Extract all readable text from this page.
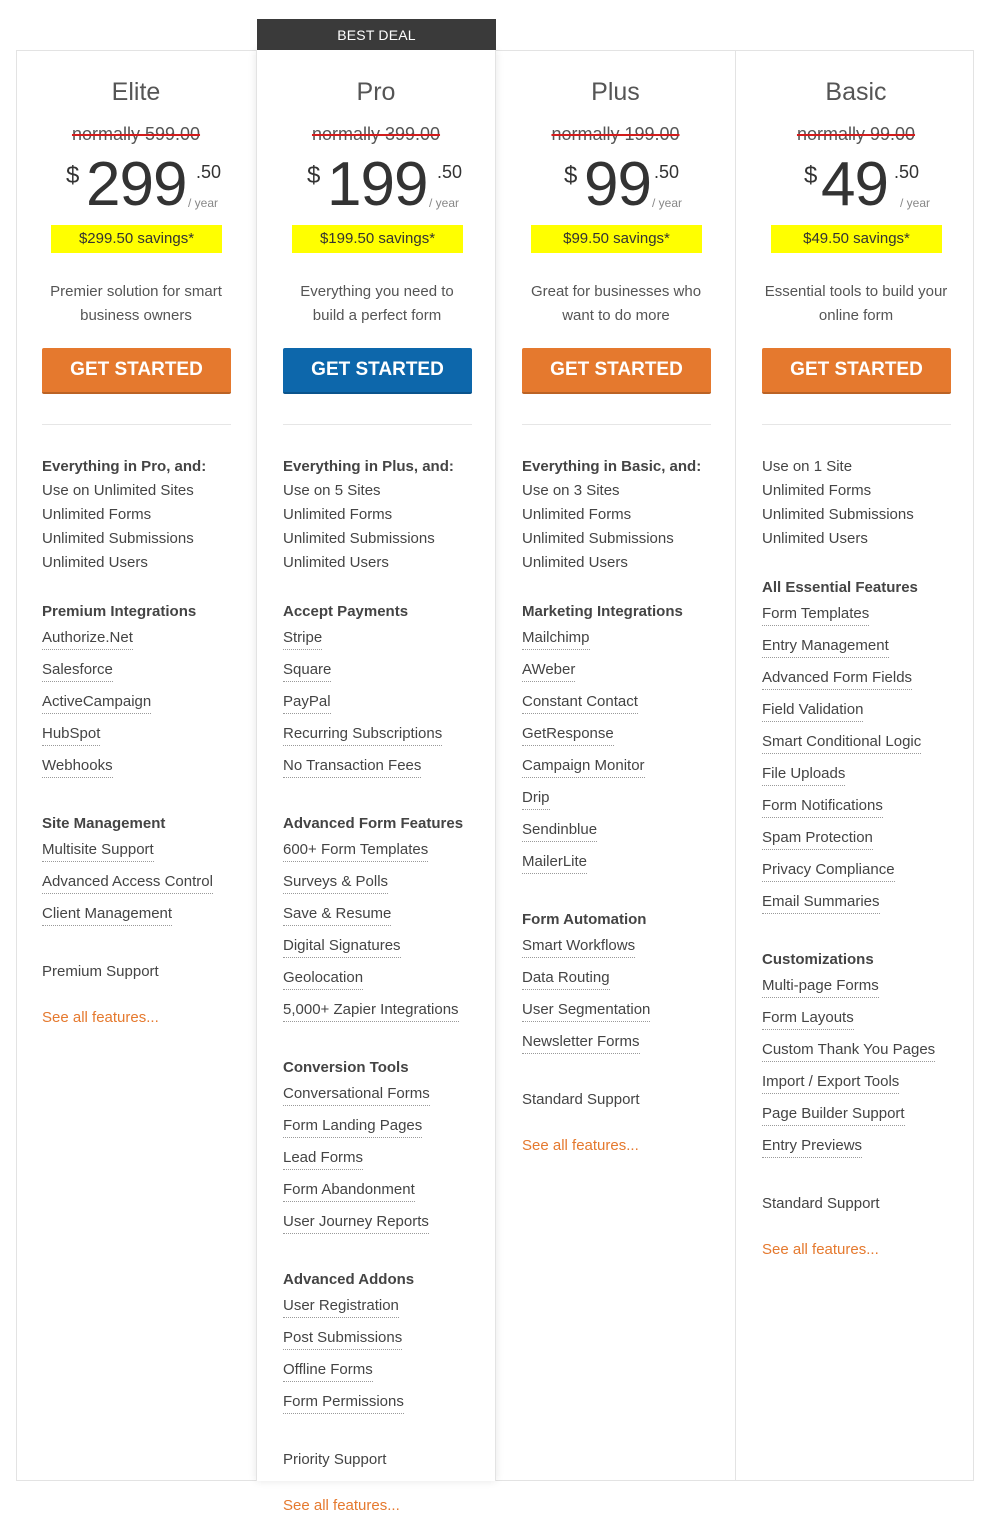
BEST DEAL
Elite
normally 599.00
$ 299 .50
/ year
$299.50 savings*
Premier solution for smart
business owners
GET STARTED
Everything in Pro, and:
Use on Unlimited Sites
Unlimited Forms
Unlimited Submissions
Unlimited Users
Premium Integrations
Authorize.Net
Salesforce
ActiveCampaign
HubSpot
Webhooks
Site Management
Multisite Support
Advanced Access Control
Client Management
Premium Support
See all features...
Pro
normally 399.00
$ 199 .50
/ year
$199.50 savings*
Everything you need to
build a perfect form
GET STARTED
Everything in Plus, and:
Use on 5 Sites
Unlimited Forms
Unlimited Submissions
Unlimited Users
Accept Payments
Stripe
Square
PayPal
Recurring Subscriptions
No Transaction Fees
Advanced Form Features
600+ Form Templates
Surveys & Polls
Save & Resume
Digital Signatures
Geolocation
5,000+ Zapier Integrations
Conversion Tools
Conversational Forms
Form Landing Pages
Lead Forms
Form Abandonment
User Journey Reports
Advanced Addons
User Registration
Post Submissions
Offline Forms
Form Permissions
Priority Support
See all features...
Plus
normally 199.00
$ 99 .50
/ year
$99.50 savings*
Great for businesses who
want to do more
GET STARTED
Everything in Basic, and:
Use on 3 Sites
Unlimited Forms
Unlimited Submissions
Unlimited Users
Marketing Integrations
Mailchimp
AWeber
Constant Contact
GetResponse
Campaign Monitor
Drip
Sendinblue
MailerLite
Form Automation
Smart Workflows
Data Routing
User Segmentation
Newsletter Forms
Standard Support
See all features...
Basic
normally 99.00
$ 49 .50
/ year
$49.50 savings*
Essential tools to build your
online form
GET STARTED
Use on 1 Site
Unlimited Forms
Unlimited Submissions
Unlimited Users
All Essential Features
Form Templates
Entry Management
Advanced Form Fields
Field Validation
Smart Conditional Logic
File Uploads
Form Notifications
Spam Protection
Privacy Compliance
Email Summaries
Customizations
Multi-page Forms
Form Layouts
Custom Thank You Pages
Import / Export Tools
Page Builder Support
Entry Previews
Standard Support
See all features...
